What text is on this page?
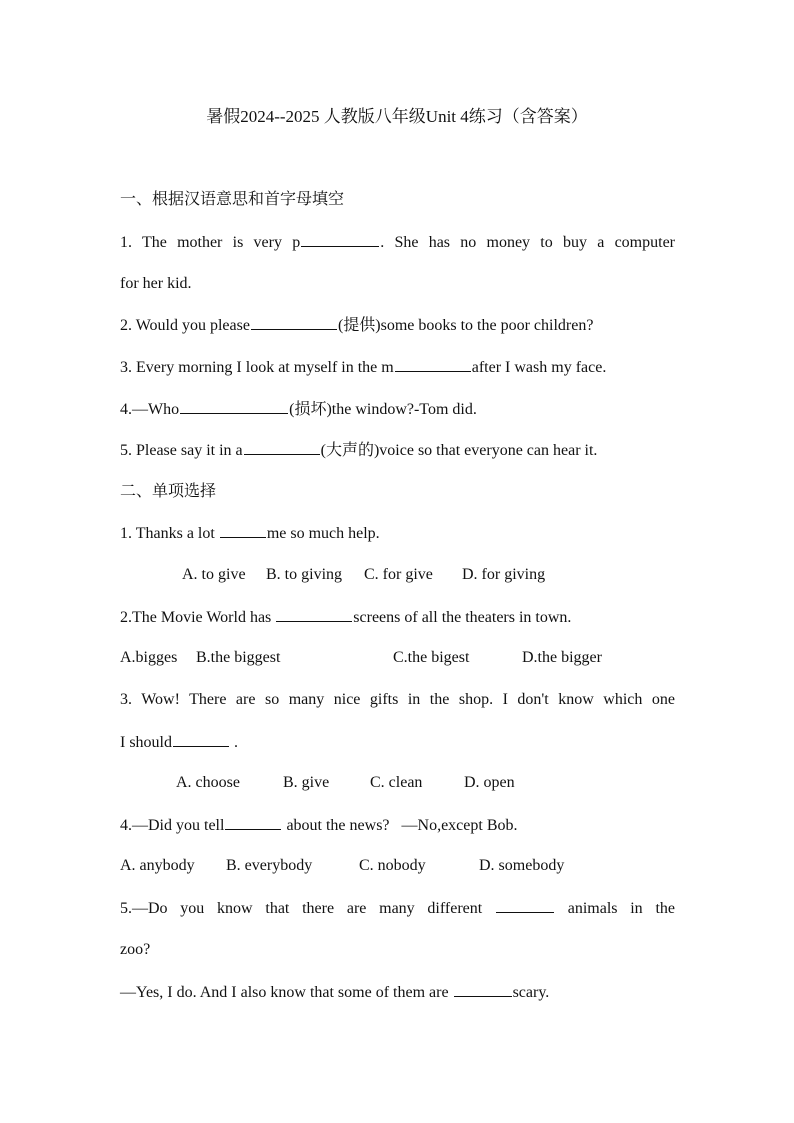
暑假2024--2025 人教版八年级Unit 4练习（含答案）
一、根据汉语意思和首字母填空
1. The mother is very p	. She has no money to buy a computer
for her kid.
2. Would you please	(提供)some books to the poor children?
3. Every morning I look at myself in the m	after I wash my face.
4.—Who	(损坏)the window?-Tom did.
5. Please say it in a	(大声的)voice so that everyone can hear it.
二、单项选择
1. Thanks a lot	me so much help.
A. to give B. to giving C. for give D. for giving
2.The Movie World has	screens of all the theaters in town.
A.bigges B.the biggest	C.the bigest	D.the bigger
3. Wow! There are so many nice gifts in the shop. I don't know which one
I should	.
A. choose	B. give	C. clean	D. open
4.—Did you tell	about the news? —No,except Bob.
A. anybody B. everybody	C. nobody	D. somebody
5.—Do you know that there are many different	animals in the
zoo?
—Yes, I do. And I also know that some of them are	scary.
